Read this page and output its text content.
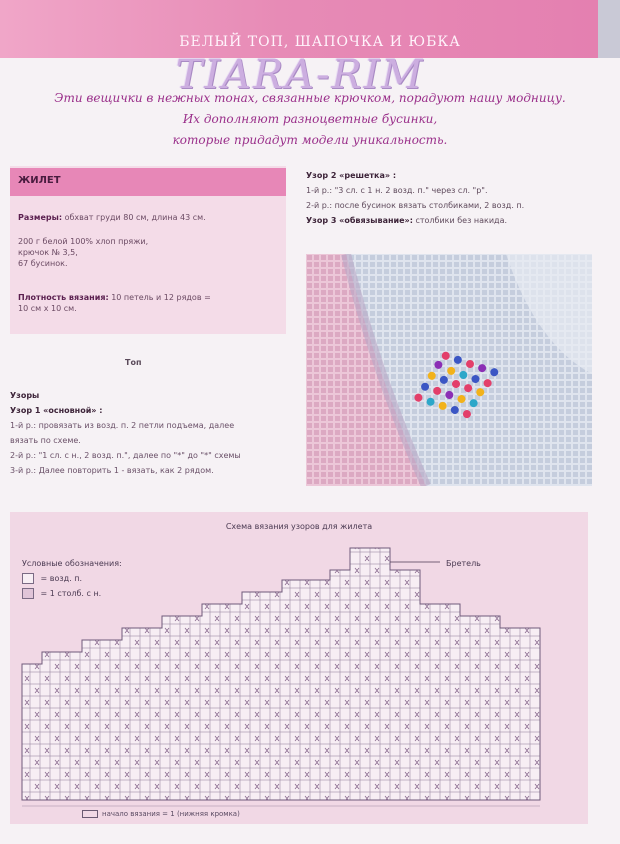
БЕЛЫЙ ТОП, ШАПОЧКА И ЮБКА
TIARA-RIM
Эти вещички в нежных тонах, связанные крючком, порадуют нашу модницу.
Их дополняют разноцветные бусинки,
которые придадут модели уникальность.
ЖИЛЕТ
Размеры: обхват груди 80 см, длина 43 см.
200 г белой 100% хлоп пряжи,
крючок № 3,5,
67 бусинок.
Плотность вязания: 10 петель и 12 рядов =
10 см х 10 см.
Узор 2 «решетка» :
1-й р.: "3 сл. с 1 н. 2 возд. п." через сл. "р".
2-й р.: после бусинок вязать столбиками, 2 возд. п.
Узор 3 «обвязывание»: столбики без накида.
Топ
Узоры
Узор 1 «основной» :
1-й р.: провязать из возд. п. 2 петли подъема, далее
вязать по схеме.
2-й р.: "1 сл. с н., 2 возд. п.", далее по "*" до "*" схемы
3-й р.: Далее повторить 1 - вязать, как 2 рядом.
Схема вязания узоров для жилета
Бретель
Условные обозначения:
= возд. п.
= 1 столб. с н.
начало вязания = 1 (нижняя кромка)
